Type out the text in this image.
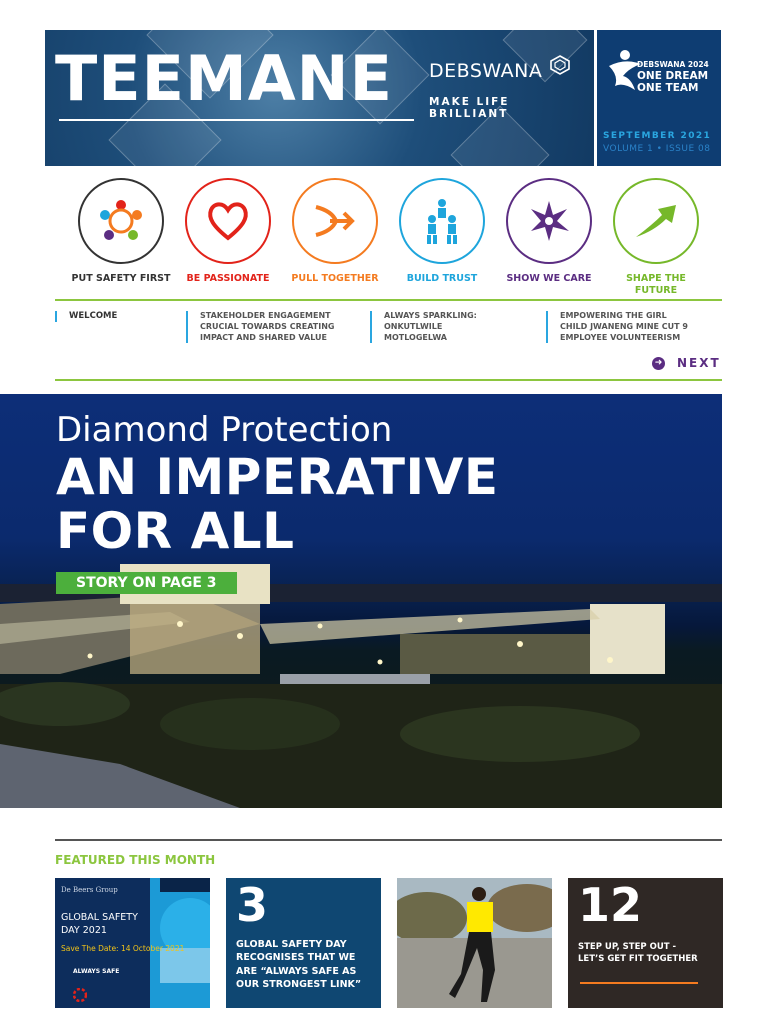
TEEMANE DEBSWANA
MAKE LIFE BRILLIANT
DEBSWANA 2024
ONE DREAM
ONE TEAM
SEPTEMBER 2021
VOLUME 1 • ISSUE 08
PUT SAFETY FIRST	BE PASSIONATE	PULL TOGETHER	BUILD TRUST	SHOW WE CARE	SHAPE THE FUTURE
WELCOME	STAKEHOLDER ENGAGEMENT CRUCIAL TOWARDS CREATING IMPACT AND SHARED VALUE
ALWAYS SPARKLING: ONKUTLWILE MOTLOGELWA
EMPOWERING THE GIRL CHILD JWANENG MINE CUT 9 EMPLOYEE VOLUNTEERISM
➜ NEXT
Diamond Protection
AN IMPERATIVE
FOR ALL
STORY ON PAGE 3
FEATURED THIS MONTH
De Beers Group
GLOBAL SAFETY DAY 2021
Save The Date: 14 October 2021
ALWAYS SAFE
3
GLOBAL SAFETY DAY RECOGNISES THAT WE ARE “ALWAYS SAFE AS OUR STRONGEST LINK”
12
STEP UP, STEP OUT - LET’S GET FIT TOGETHER
